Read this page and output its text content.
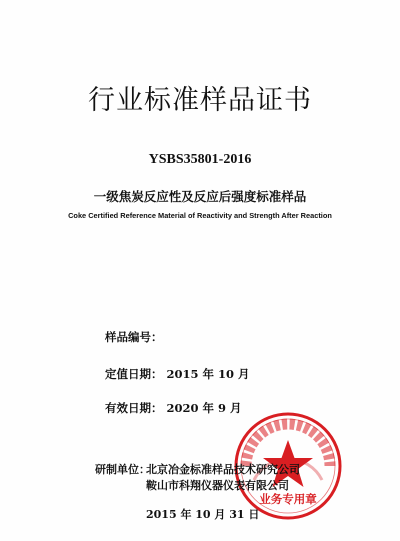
行业标准样品证书
YSBS35801-2016
一级焦炭反应性及反应后强度标准样品
Coke Certified Reference Material of Reactivity and Strength After Reaction
样品编号：
定值日期： 2015 年 10 月
有效日期： 2020 年 9 月
业务专用章
研制单位：
北京冶金标准样品技术研究公司
鞍山市科翔仪器仪表有限公司
2015 年 10 月 31 日
